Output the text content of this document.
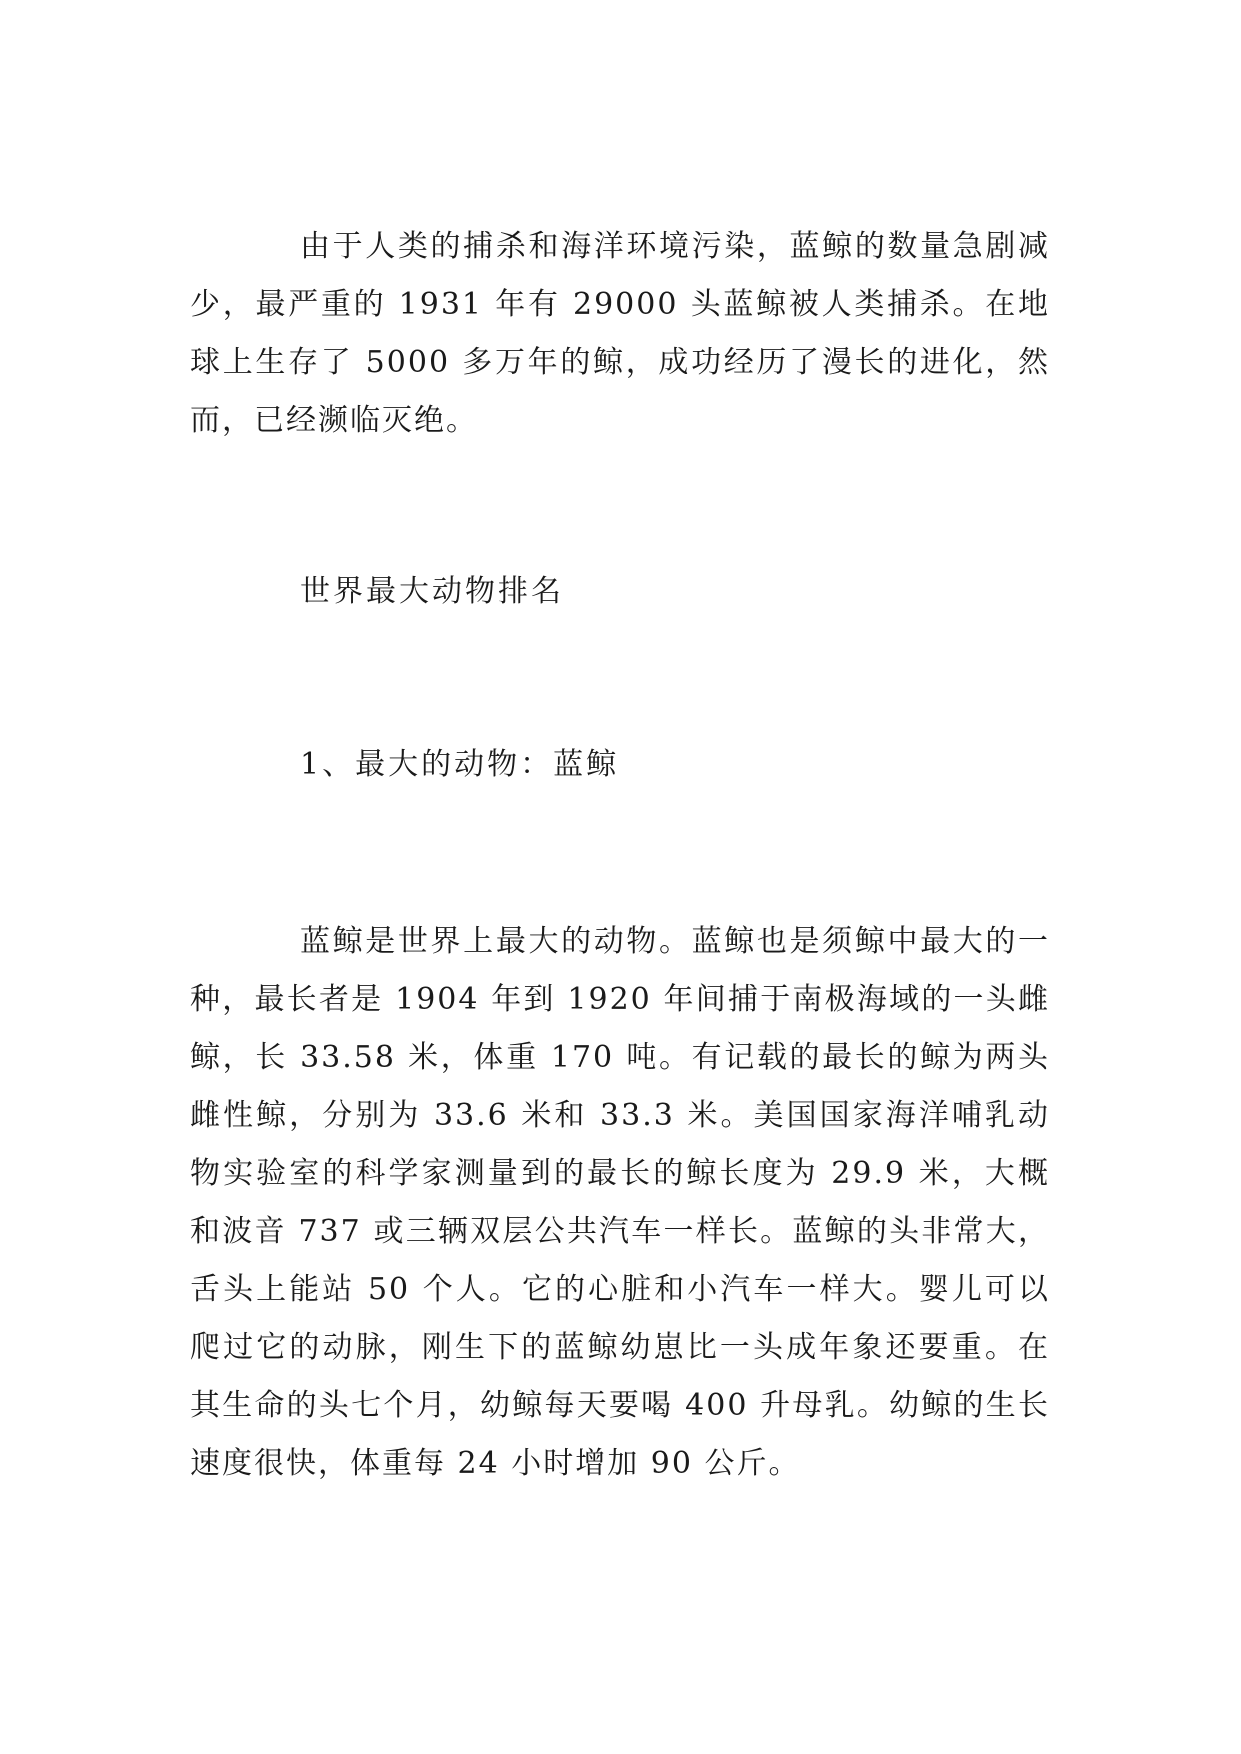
由于人类的捕杀和海洋环境污染，蓝鲸的数量急剧减少，最严重的 1931 年有 29000 头蓝鲸被人类捕杀。在地球上生存了 5000 多万年的鲸，成功经历了漫长的进化，然而，已经濒临灭绝。

世界最大动物排名

1、最大的动物：蓝鲸

蓝鲸是世界上最大的动物。蓝鲸也是须鲸中最大的一种，最长者是 1904 年到 1920 年间捕于南极海域的一头雌鲸，长 33.58 米，体重 170 吨。有记载的最长的鲸为两头雌性鲸，分别为 33.6 米和 33.3 米。美国国家海洋哺乳动物实验室的科学家测量到的最长的鲸长度为 29.9 米，大概和波音 737 或三辆双层公共汽车一样长。蓝鲸的头非常大，舌头上能站 50 个人。它的心脏和小汽车一样大。婴儿可以爬过它的动脉，刚生下的蓝鲸幼崽比一头成年象还要重。在其生命的头七个月，幼鲸每天要喝 400 升母乳。幼鲸的生长速度很快，体重每 24 小时增加 90 公斤。
